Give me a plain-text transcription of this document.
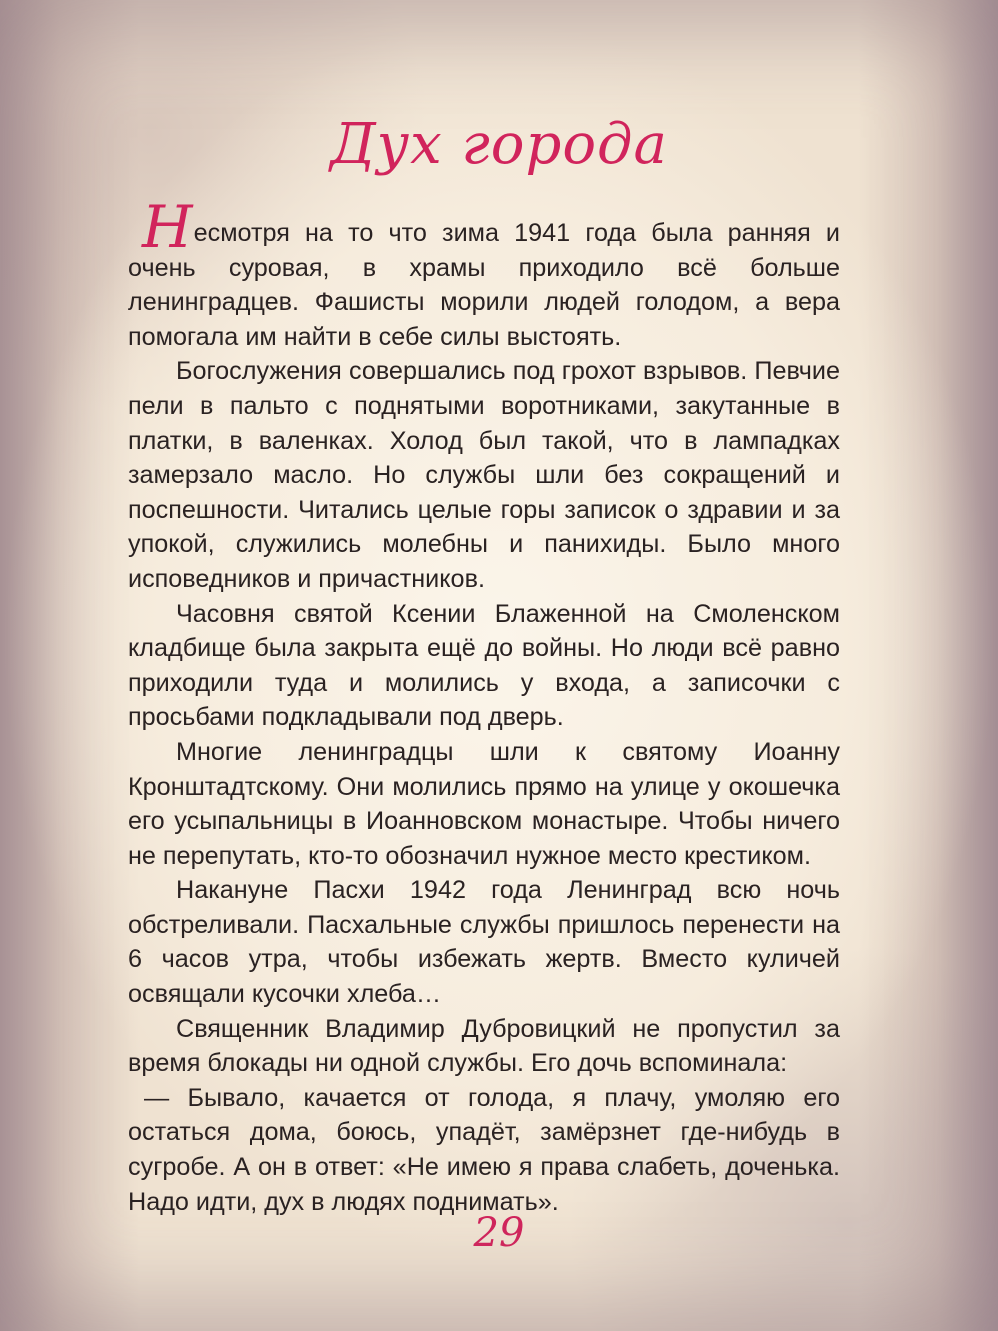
Дух города

Несмотря на то что зима 1941 года была ранняя и очень суровая, в храмы приходило всё больше ленинградцев. Фашисты морили людей голодом, а вера помогала им найти в себе силы выстоять.

Богослужения совершались под грохот взрывов. Певчие пели в пальто с поднятыми воротниками, закутанные в платки, в валенках. Холод был такой, что в лампадках замерзало масло. Но службы шли без сокращений и поспешности. Читались целые горы записок о здравии и за упокой, служились молебны и панихиды. Было много исповедников и причастников.

Часовня святой Ксении Блаженной на Смоленском кладбище была закрыта ещё до войны. Но люди всё равно приходили туда и молились у входа, а записочки с просьбами подкладывали под дверь.

Многие ленинградцы шли к святому Иоанну Кронштадтскому. Они молились прямо на улице у окошечка его усыпальницы в Иоанновском монастыре. Чтобы ничего не перепутать, кто-то обозначил нужное место крестиком.

Накануне Пасхи 1942 года Ленинград всю ночь обстреливали. Пасхальные службы пришлось перенести на 6 часов утра, чтобы избежать жертв. Вместо куличей освящали кусочки хлеба…

Священник Владимир Дубровицкий не пропустил за время блокады ни одной службы. Его дочь вспоминала:

— Бывало, качается от голода, я плачу, умоляю его остаться дома, боюсь, упадёт, замёрзнет где-нибудь в сугробе. А он в ответ: «Не имею я права слабеть, доченька. Надо идти, дух в людях поднимать».

29
